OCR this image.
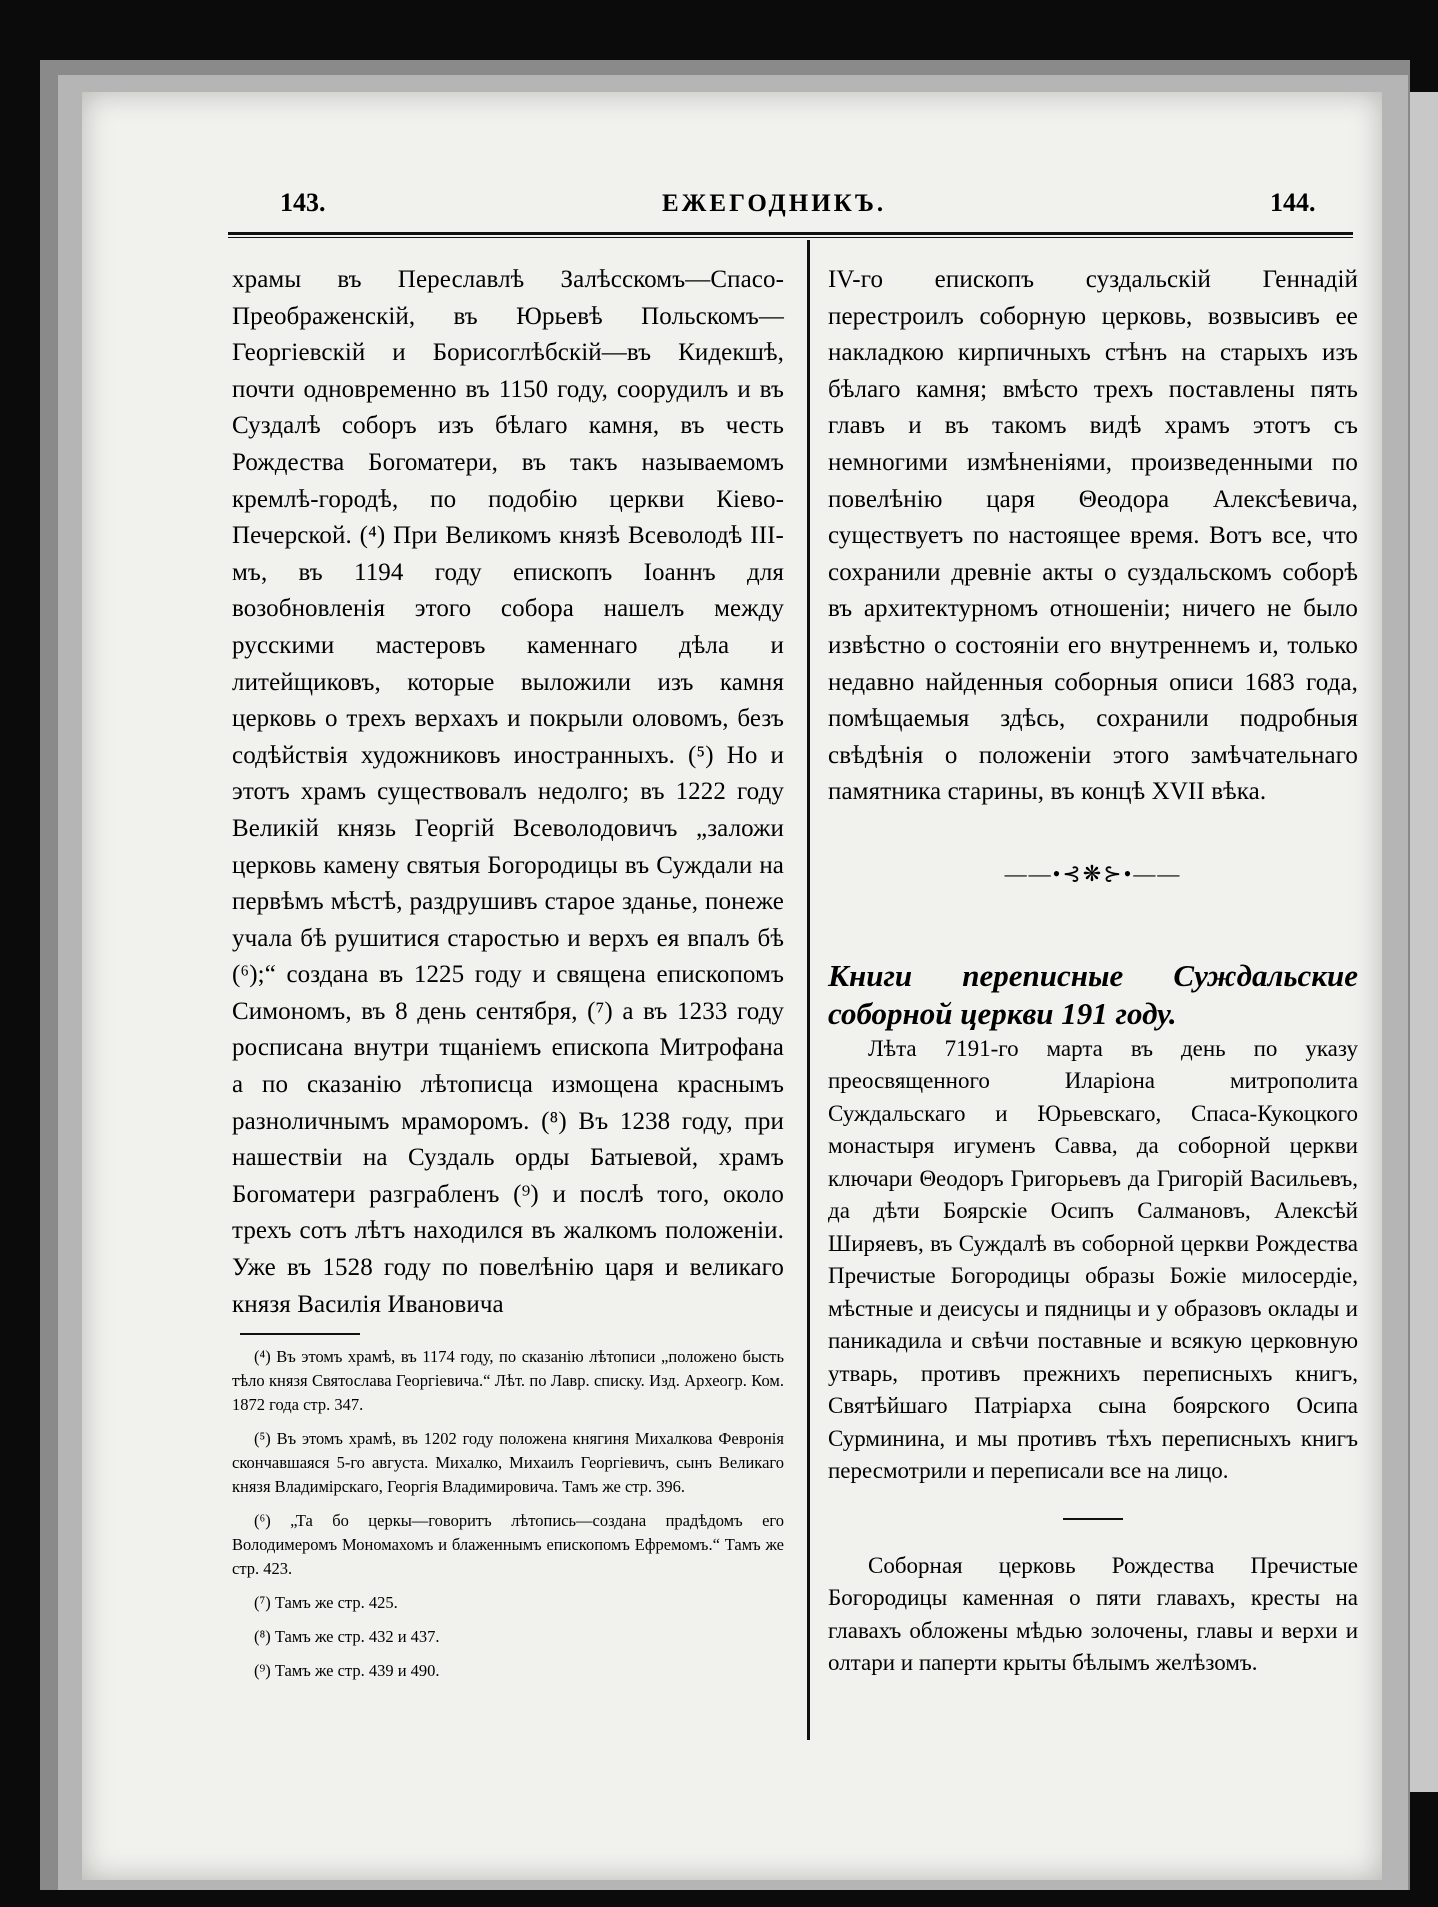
143.	ЕЖЕГОДНИКЪ.	144.

храмы въ Переславлѣ Залѣсскомъ—Спасо-Преображенскій, въ Юрьевѣ Польскомъ—Георгіевскій и Борисоглѣбскій—въ Кидекшѣ, почти одновременно въ 1150 году, соорудилъ и въ Суздалѣ соборъ изъ бѣлаго камня, въ честь Рождества Богоматери, въ такъ называемомъ кремлѣ-городѣ, по подобію церкви Кіево-Печерской. (⁴) При Великомъ князѣ Всеволодѣ III-мъ, въ 1194 году епископъ Іоаннъ для возобновленія этого собора нашелъ между русскими мастеровъ каменнаго дѣла и литейщиковъ, которые выложили изъ камня церковь о трехъ верхахъ и покрыли оловомъ, безъ содѣйствія художниковъ иностранныхъ. (⁵) Но и этотъ храмъ существовалъ недолго; въ 1222 году Великій князь Георгій Всеволодовичъ „заложи церковь камену святыя Богородицы въ Суждали на первѣмъ мѣстѣ, раздрушивъ старое зданье, понеже учала бѣ рушитися старостью и верхъ ея впалъ бѣ (⁶);“ создана въ 1225 году и священа епископомъ Симономъ, въ 8 день сентября, (⁷) а въ 1233 году росписана внутри тщаніемъ епископа Митрофана а по сказанію лѣтописца измощена краснымъ разноличнымъ мраморомъ. (⁸) Въ 1238 году, при нашествіи на Суздаль орды Батыевой, храмъ Богоматери разграбленъ (⁹) и послѣ того, около трехъ сотъ лѣтъ находился въ жалкомъ положеніи. Уже въ 1528 году по повелѣнію царя и великаго князя Василія Ивановича

(⁴) Въ этомъ храмѣ, въ 1174 году, по сказанію лѣтописи „положено бысть тѣло князя Святослава Георгіевича.“ Лѣт. по Лавр. списку. Изд. Археогр. Ком. 1872 года стр. 347.

(⁵) Въ этомъ храмѣ, въ 1202 году положена княгиня Михалкова Февронія скончавшаяся 5-го августа. Михалко, Михаилъ Георгіевичъ, сынъ Великаго князя Владимірскаго, Георгія Владимировича. Тамъ же стр. 396.

(⁶) „Та бо церкы—говоритъ лѣтопись—создана прадѣдомъ его Володимеромъ Мономахомъ и блаженнымъ епископомъ Ефремомъ.“ Тамъ же стр. 423.

(⁷) Тамъ же стр. 425.

(⁸) Тамъ же стр. 432 и 437.

(⁹) Тамъ же стр. 439 и 490.

IV-го епископъ суздальскій Геннадій перестроилъ соборную церковь, возвысивъ ее накладкою кирпичныхъ стѣнъ на старыхъ изъ бѣлаго камня; вмѣсто трехъ поставлены пять главъ и въ такомъ видѣ храмъ этотъ съ немногими измѣненіями, произведенными по повелѣнію царя Θеодора Алексѣевича, существуетъ по настоящее время. Вотъ все, что сохранили древніе акты о суздальскомъ соборѣ въ архитектурномъ отношеніи; ничего не было извѣстно о состояніи его внутреннемъ и, только недавно найденныя соборныя описи 1683 года, помѣщаемыя здѣсь, сохранили подробныя свѣдѣнія о положеніи этого замѣчательнаго памятника старины, въ концѣ XVII вѣка.

——•⊰❋⊱•——

Книги переписные Суждальские соборной церкви 191 году.

Лѣта 7191-го марта въ день по указу преосвященного Иларіона митрополита Суждальскаго и Юрьевскаго, Спаса-Кукоцкого монастыря игуменъ Савва, да соборной церкви ключари Θеодоръ Григорьевъ да Григорій Васильевъ, да дѣти Боярскіе Осипъ Салмановъ, Алексѣй Ширяевъ, въ Суждалѣ въ соборной церкви Рождества Пречистые Богородицы образы Божіе милосердіе, мѣстные и деисусы и пядницы и у образовъ оклады и паникадила и свѣчи поставные и всякую церковную утварь, противъ прежнихъ переписныхъ книгъ, Святѣйшаго Патріарха сына боярского Осипа Сурминина, и мы противъ тѣхъ переписныхъ книгъ пересмотрили и переписали все на лицо.

Соборная церковь Рождества Пречистые Богородицы каменная о пяти главахъ, кресты на главахъ обложены мѣдью золочены, главы и верхи и олтари и паперти крыты бѣлымъ желѣзомъ.
